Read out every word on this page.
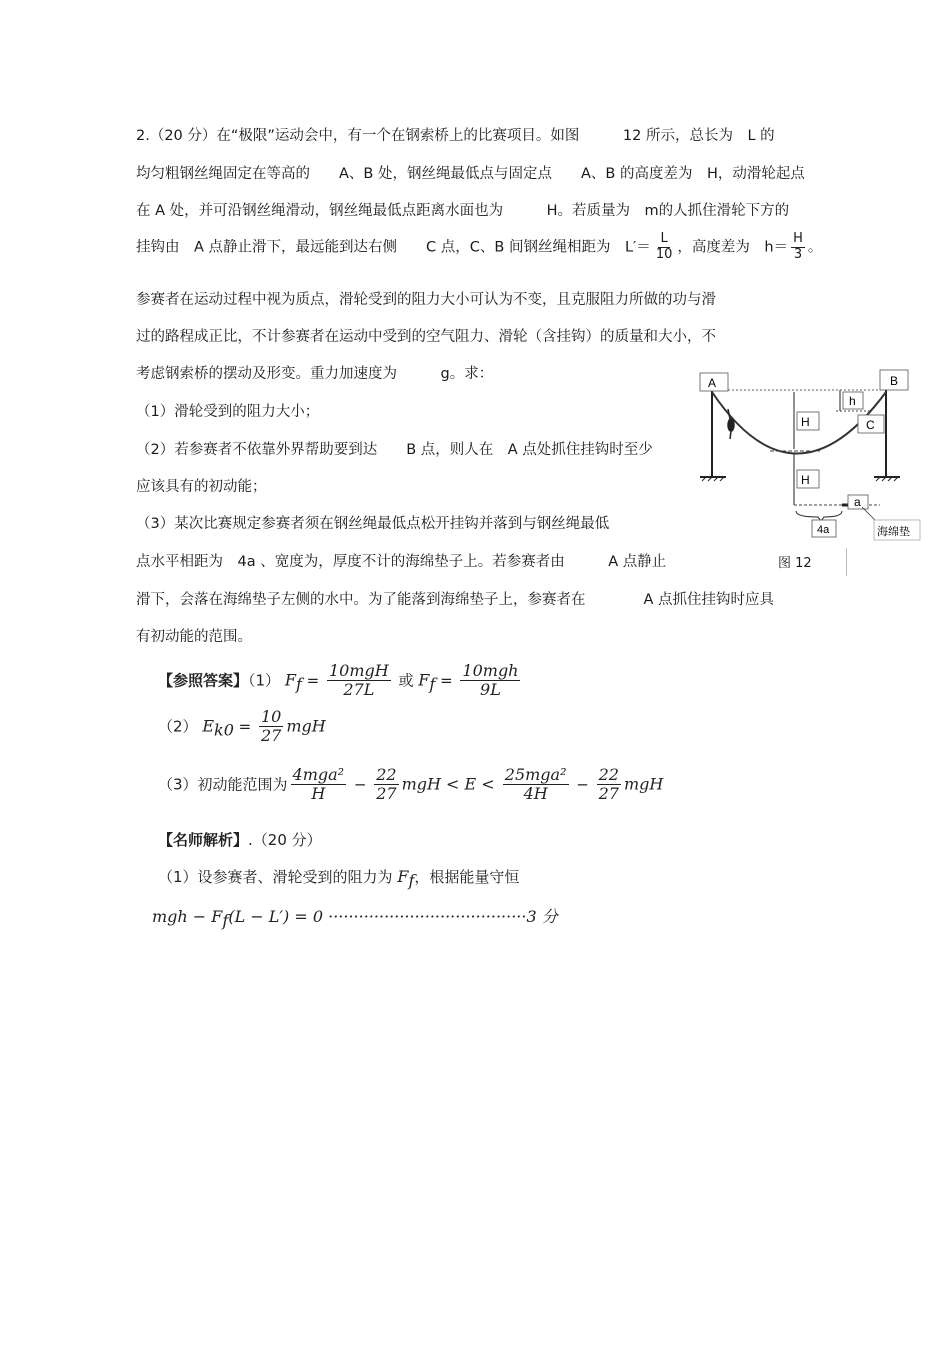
2.（20 分）在“极限”运动会中，有一个在钢索桥上的比赛项目。如图　　　12 所示，总长为　L 的
均匀粗钢丝绳固定在等高的　　A、B 处，钢丝绳最低点与固定点　　A、B 的高度差为　H，动滑轮起点
在 A 处，并可沿钢丝绳滑动，钢丝绳最低点距离水面也为　　　H。若质量为　m的人抓住滑轮下方的
挂钩由　A 点静止滑下，最远能到达右侧　　C 点，C、B 间钢丝绳相距为　$L'= \frac{L}{10}$ ，高度差为　$h= \frac{H}{3}$ 。
参赛者在运动过程中视为质点，滑轮受到的阻力大小可认为不变，且克服阻力所做的功与滑
过的路程成正比，不计参赛者在运动中受到的空气阻力、滑轮（含挂钩）的质量和大小，不
考虑钢索桥的摆动及形变。重力加速度为　　　g。求：
（1）滑轮受到的阻力大小；
（2）若参赛者不依靠外界帮助要到达　　B 点，则人在　A 点处抓住挂钩时至少
应该具有的初动能；
（3）某次比赛规定参赛者须在钢丝绳最低点松开挂钩并落到与钢丝绳最低
点水平相距为　4a 、宽度为，厚度不计的海绵垫子上。若参赛者由　　　A 点静止
滑下，会落在海绵垫子左侧的水中。为了能落到海绵垫子上，参赛者在　　　　A 点抓住挂钩时应具
有初动能的范围。
A	B
C
h
H
H
a
4a	海绵垫
图 12
【参照答案】（1） $Ff = \frac{\text{10mgH}}{27L}$ 或 $Ff = \frac{\text{10mgh}}{9L}$
（2） $Ek0 = \frac{10}{27}$ mgH
（3）初动能范围为 $\frac{\text{4mga²}}{H} - \frac{22}{27}$ mgH < $E < \frac{\text{25mga²}}{4H} - \frac{22}{27}$ mgH
【名师解析】.（20 分）
（1）设参赛者、滑轮受到的阻力为 Ff，根据能量守恒
mgh − Ff(L − L′) = 0 ·······································3 分
